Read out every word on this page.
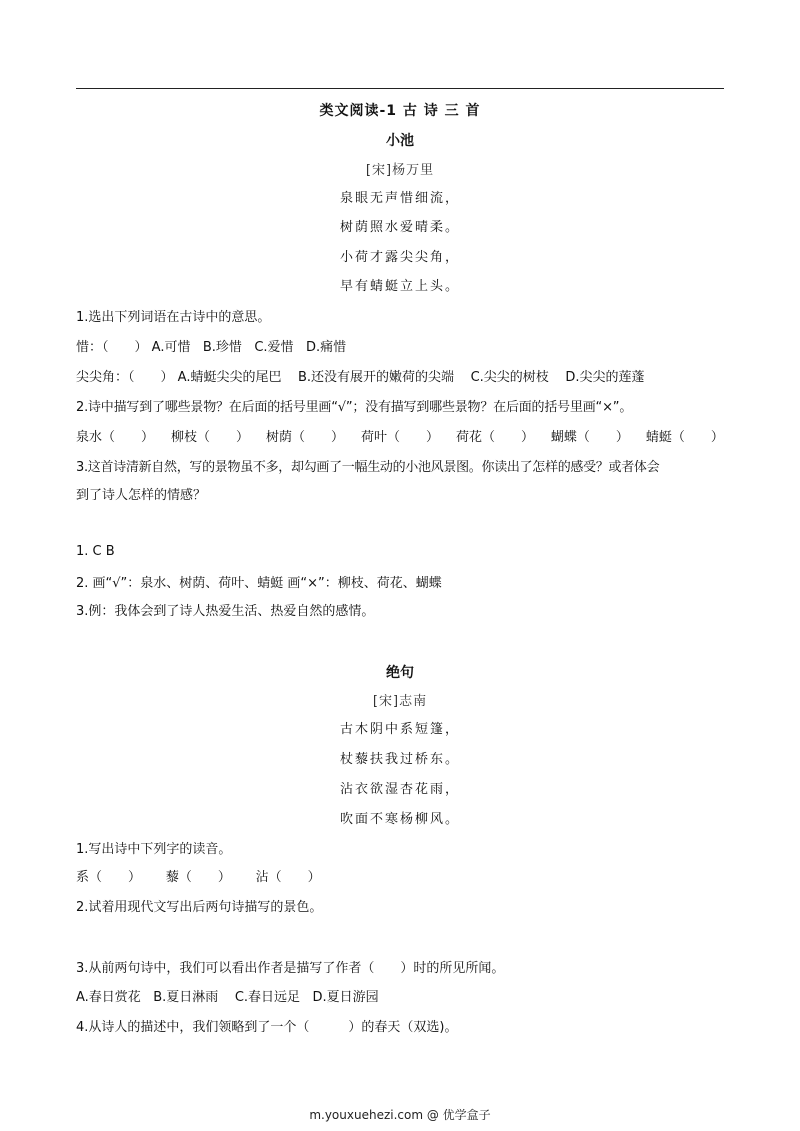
类文阅读-1 古 诗 三 首
小池
[宋]杨万里
泉眼无声惜细流，
树荫照水爱晴柔。
小荷才露尖尖角，
早有蜻蜓立上头。
1.选出下列词语在古诗中的意思。
惜：（　　） A.可惜 B.珍惜 C.爱惜 D.痛惜
尖尖角：（　　） A.蜻蜓尖尖的尾巴 B.还没有展开的嫩荷的尖端 C.尖尖的树枝 D.尖尖的莲蓬
2.诗中描写到了哪些景物？在后面的括号里画“√”；没有描写到哪些景物？在后面的括号里画“×”。
泉水（　　） 柳枝（　　） 树荫（　　） 荷叶（　　） 荷花（　　） 蝴蝶（　　） 蜻蜓（　　）
3.这首诗清新自然，写的景物虽不多，却勾画了一幅生动的小池风景图。你读出了怎样的感受？或者体会
到了诗人怎样的情感？
1. C B
2. 画“√”：泉水、树荫、荷叶、蜻蜓 画“×”：柳枝、荷花、蝴蝶
3.例：我体会到了诗人热爱生活、热爱自然的感情。
绝句
[宋]志南
古木阴中系短篷，
杖藜扶我过桥东。
沾衣欲湿杏花雨，
吹面不寒杨柳风。
1.写出诗中下列字的读音。
系（　　） 藜（　　） 沾（　　）
2.试着用现代文写出后两句诗描写的景色。
3.从前两句诗中，我们可以看出作者是描写了作者（　　）时的所见所闻。
A.春日赏花 B.夏日淋雨 C.春日远足 D.夏日游园
4.从诗人的描述中，我们领略到了一个（　　　）的春天（双选)。
m.youxuehezi.com @ 优学盒子
